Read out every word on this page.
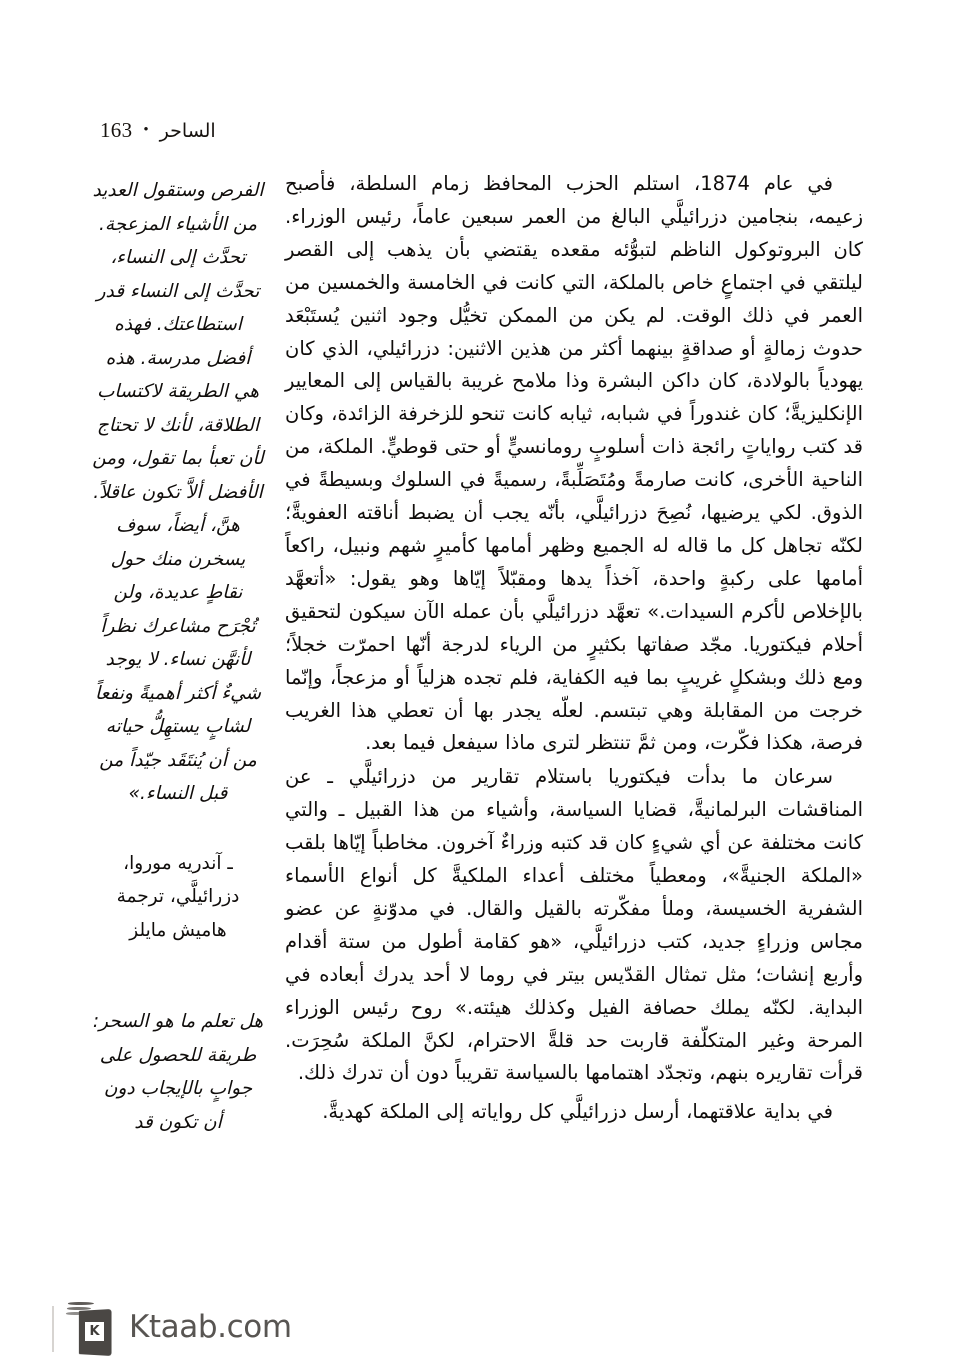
163 • الساحر
الفرص وستقول العديد من الأشياء المزعجة. تحدَّث إلى النساء، تحدَّث إلى النساء قدر استطاعتك. فهذه أفضل مدرسة. هذه هي الطريقة لاكتساب الطلاقة، لأنك لا تحتاج لأن تعبأ بما تقول، ومن الأفضل ألاَّ تكون عاقلاً. هنَّ، أيضاً، سوف يسخرن منك حول نقاطٍ عديدة، ولن تُجْرَح مشاعرك نظراً لأنهَّن نساء. لا يوجد شيءٌ أكثر أهميةً ونفعاً لشابٍ يستهِلُّ حياته من أن يُنتَقَد جيّداً من قبل النساء.»
ـ آندريه موروا، دزرائيلَّي، ترجمة هاميش مايلز
هل تعلم ما هو السحر: طريقة للحصول على جوابٍ بالإيجاب دون أن تكون قد

في عام 1874، استلم الحزب المحافظ زمام السلطة، فأصبح زعيمه، بنجامين دزرائيلَّي البالغ من العمر سبعين عاماً، رئيس الوزراء. كان البروتوكول الناظم لتبوُّئه مقعده يقتضي بأن يذهب إلى القصر ليلتقي في اجتماعٍ خاص بالملكة، التي كانت في الخامسة والخمسين من العمر في ذلك الوقت. لم يكن من الممكن تخيُّل وجود اثنين يُستَبْعَد حدوث زمالةٍ أو صداقةٍ بينهما أكثر من هذين الاثنين: دزرائيلي، الذي كان يهودياً بالولادة، كان داكن البشرة وذا ملامح غريبة بالقياس إلى المعايير الإنكليزيةَّ؛ كان غندوراً في شبابه، ثيابه كانت تنحو للزخرفة الزائدة، وكان قد كتب رواياتٍ رائجة ذات أسلوبٍ رومانسيٍّ أو حتى قوطيٍّ. الملكة، من الناحية الأخرى، كانت صارمةً ومُتَصَلِّبةً، رسميةً في السلوك وبسيطةً في الذوق. لكي يرضيها، نُصِحَ دزرائيلَّي، بأنّه يجب أن يضبط أناقته العفويةَّ؛ لكنّه تجاهل كل ما قاله له الجميع وظهر أمامها كأميرٍ شهم ونبيل، راكعاً أمامها على ركبةٍ واحدة، آخذاً يدها ومقبّلاً إيّاها وهو يقول: «أتعهَّد بالإخلاص لأكرم السيدات.» تعهَّد دزرائيلَّي بأن عمله الآن سيكون لتحقيق أحلام فيكتوريا. مجّد صفاتها بكثيرٍ من الرياء لدرجة أنّها احمرّت خجلاً؛ ومع ذلك وبشكلٍ غريبٍ بما فيه الكفاية، فلم تجده هزلياً أو مزعجاً، وإنّما خرجت من المقابلة وهي تبتسم. لعلّه يجدر بها أن تعطي هذا الغريب فرصة، هكذا فكّرت، ومن ثمَّ تنتظر لترى ماذا سيفعل فيما بعد.

سرعان ما بدأت فيكتوريا باستلام تقارير من دزرائيلَّي ـ عن المناقشات البرلمانيةَّ، قضايا السياسة، وأشياء من هذا القبيل ـ والتي كانت مختلفة عن أي شيءٍ كان قد كتبه وزراءٌ آخرون. مخاطباً إيّاها بلقب «الملكة الجنيةَّ»، ومعطياً مختلف أعداء الملكيةَّ كل أنواع الأسماء الشفرية الخسيسة، وملأ مفكّرته بالقيل والقال. في مدوّنةٍ عن عضو مجاس وزراءٍ جديد، كتب دزرائيلَّي، «هو كقامة أطول من ستة أقدام وأربع إنشات؛ مثل تمثال القدّيس بيتر في روما لا أحد يدرك أبعاده في البداية. لكنّه يملك حصافة الفيل وكذلك هيئته.» روح رئيس الوزراء المرحة وغير المتكلّفة قاربت حد قلةَّ الاحترام، لكنَّ الملكة سُحِرَت. قرأت تقاريره بنهم، وتجدّد اهتمامها بالسياسة تقريباً دون أن تدرك ذلك.

في بداية علاقتهما، أرسل دزرائيلَّي كل رواياته إلى الملكة كهديةَّ.

K Ktaab.com
